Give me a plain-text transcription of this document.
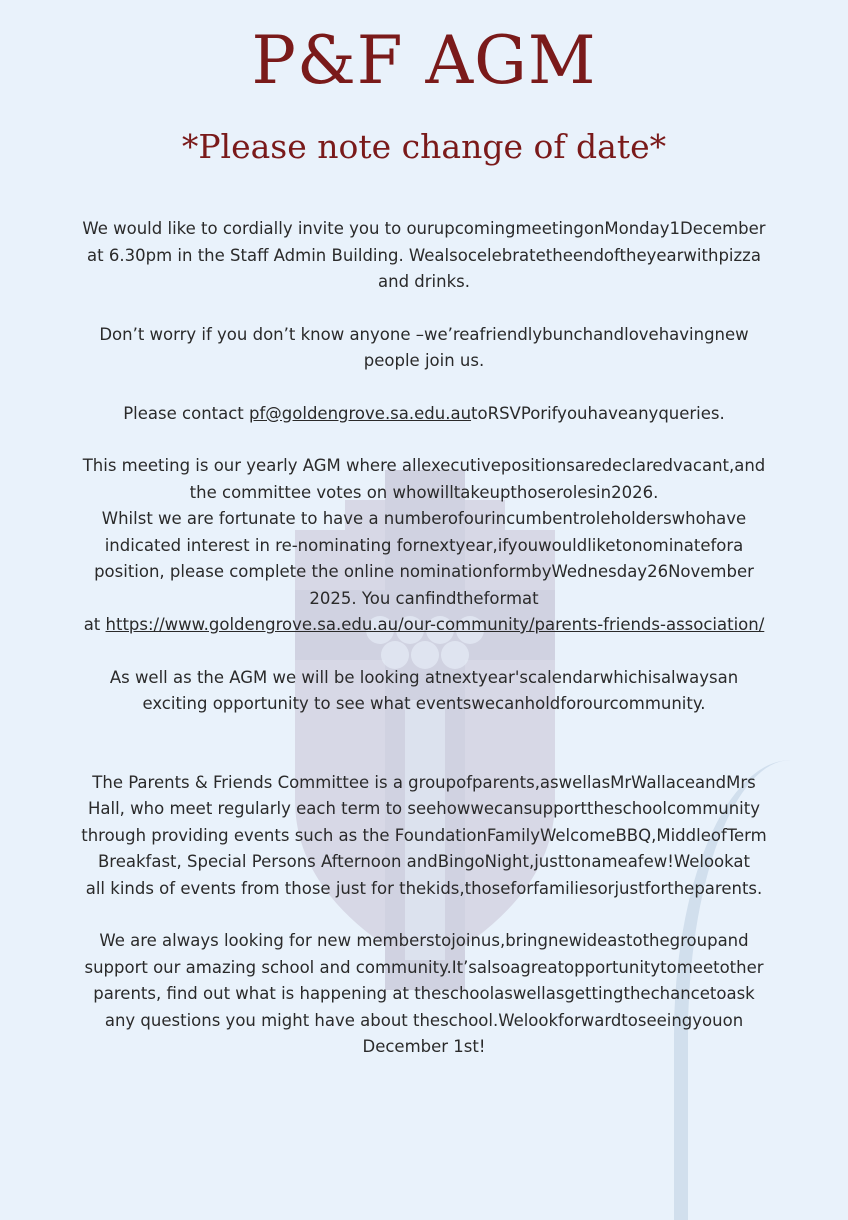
P&F AGM
*Please note change of date*

We would like to cordially invite you to ourupcomingmeetingonMonday1December

at 6.30pm in the Staff Admin Building. Wealsocelebratetheendoftheyearwithpizza

and drinks.

Don’t worry if you don’t know anyone –we’reafriendlybunchandlovehavingnew

people join us.

Please contact pf@goldengrove.sa.edu.autoRSVPorifyouhaveanyqueries.

This meeting is our yearly AGM where allexecutivepositionsaredeclaredvacant,and

the committee votes on whowilltakeupthoserolesin2026.

Whilst we are fortunate to have a numberofourincumbentroleholderswhohave

indicated interest in re-nominating fornextyear,ifyouwouldliketonominatefora

position, please complete the online nominationformbyWednesday26November

2025. You canfindtheformat

at https://www.goldengrove.sa.edu.au/our-community/parents-friends-association/

As well as the AGM we will be looking atnextyear'scalendarwhichisalwaysan

exciting opportunity to see what eventswecanholdforourcommunity.

The Parents & Friends Committee is a groupofparents,aswellasMrWallaceandMrs

Hall, who meet regularly each term to seehowwecansupporttheschoolcommunity

through providing events such as the FoundationFamilyWelcomeBBQ,MiddleofTerm

Breakfast, Special Persons Afternoon andBingoNight,justtonameafew!Welookat

all kinds of events from those just for thekids,thoseforfamiliesorjustfortheparents.

We are always looking for new memberstojoinus,bringnewideastothegroupand

support our amazing school and community.It’salsoagreatopportunitytomeetother

parents, find out what is happening at theschoolaswellasgettingthechancetoask

any questions you might have about theschool.Welookforwardtoseeingyouon

December 1st!
